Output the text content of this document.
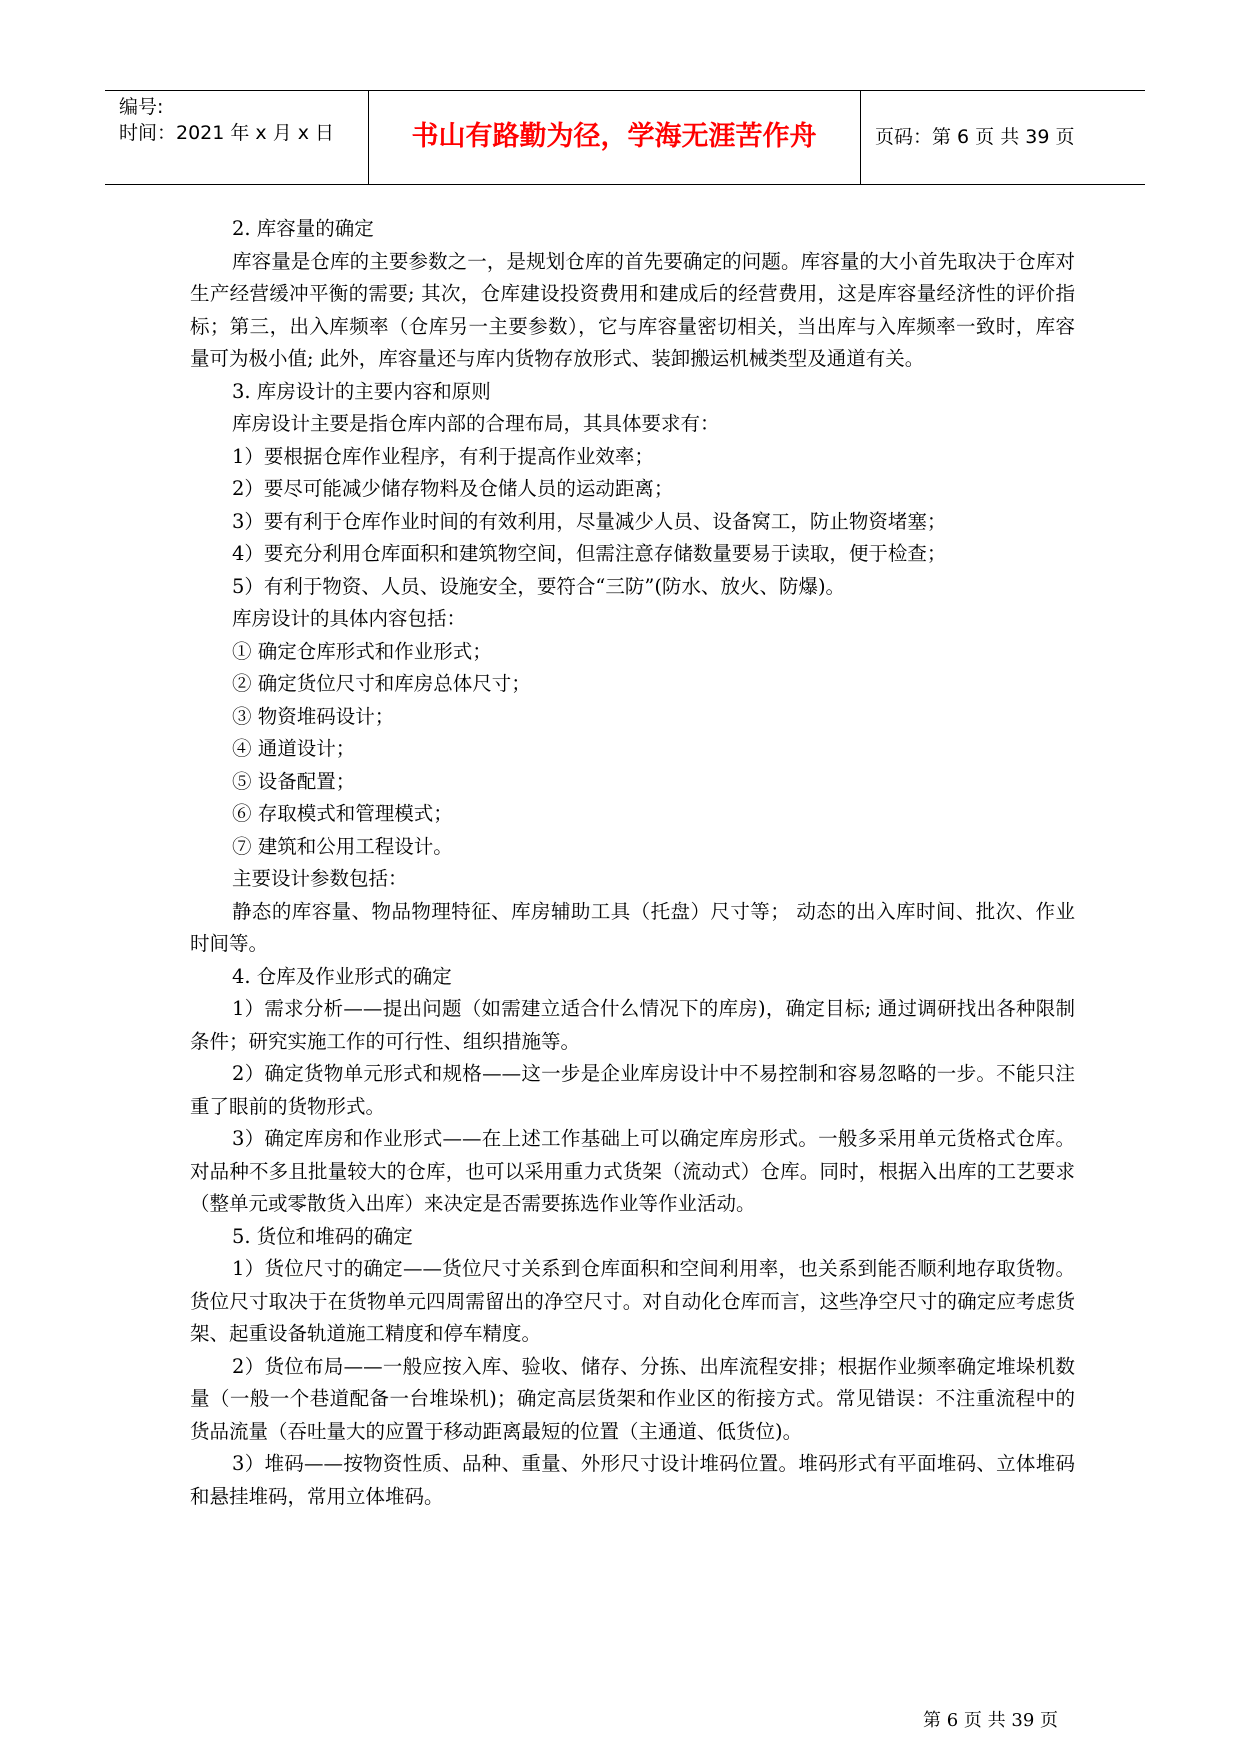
编号:
时间：2021 年 x 月 x 日	书山有路勤为径，学海无涯苦作舟	页码：第 6 页 共 39 页

2. 库容量的确定

库容量是仓库的主要参数之一，是规划仓库的首先要确定的问题。库容量的大小首先取决于仓库对生产经营缓冲平衡的需要; 其次，仓库建设投资费用和建成后的经营费用，这是库容量经济性的评价指标；第三，出入库频率（仓库另一主要参数），它与库容量密切相关，当出库与入库频率一致时，库容量可为极小值; 此外，库容量还与库内货物存放形式、装卸搬运机械类型及通道有关。

3. 库房设计的主要内容和原则

库房设计主要是指仓库内部的合理布局，其具体要求有：

1）要根据仓库作业程序，有利于提高作业效率；

2）要尽可能减少储存物料及仓储人员的运动距离；

3）要有利于仓库作业时间的有效利用，尽量减少人员、设备窝工，防止物资堵塞；

4）要充分利用仓库面积和建筑物空间，但需注意存储数量要易于读取，便于检查；

5）有利于物资、人员、设施安全，要符合“三防”(防水、放火、防爆)。

库房设计的具体内容包括：

① 确定仓库形式和作业形式；

② 确定货位尺寸和库房总体尺寸；

③ 物资堆码设计；

④ 通道设计；

⑤ 设备配置；

⑥ 存取模式和管理模式；

⑦ 建筑和公用工程设计。

主要设计参数包括：

静态的库容量、物品物理特征、库房辅助工具（托盘）尺寸等； 动态的出入库时间、批次、作业时间等。

4. 仓库及作业形式的确定

1）需求分析——提出问题（如需建立适合什么情况下的库房)，确定目标; 通过调研找出各种限制条件；研究实施工作的可行性、组织措施等。

2）确定货物单元形式和规格——这一步是企业库房设计中不易控制和容易忽略的一步。不能只注重了眼前的货物形式。

3）确定库房和作业形式——在上述工作基础上可以确定库房形式。一般多采用单元货格式仓库。对品种不多且批量较大的仓库，也可以采用重力式货架（流动式）仓库。同时，根据入出库的工艺要求（整单元或零散货入出库）来决定是否需要拣选作业等作业活动。

5. 货位和堆码的确定

1）货位尺寸的确定——货位尺寸关系到仓库面积和空间利用率，也关系到能否顺利地存取货物。货位尺寸取决于在货物单元四周需留出的净空尺寸。对自动化仓库而言，这些净空尺寸的确定应考虑货架、起重设备轨道施工精度和停车精度。

2）货位布局——一般应按入库、验收、储存、分拣、出库流程安排；根据作业频率确定堆垛机数量（一般一个巷道配备一台堆垛机)；确定高层货架和作业区的衔接方式。常见错误：不注重流程中的货品流量（吞吐量大的应置于移动距离最短的位置（主通道、低货位)。

3）堆码——按物资性质、品种、重量、外形尺寸设计堆码位置。堆码形式有平面堆码、立体堆码和悬挂堆码，常用立体堆码。

第 6 页 共 39 页
